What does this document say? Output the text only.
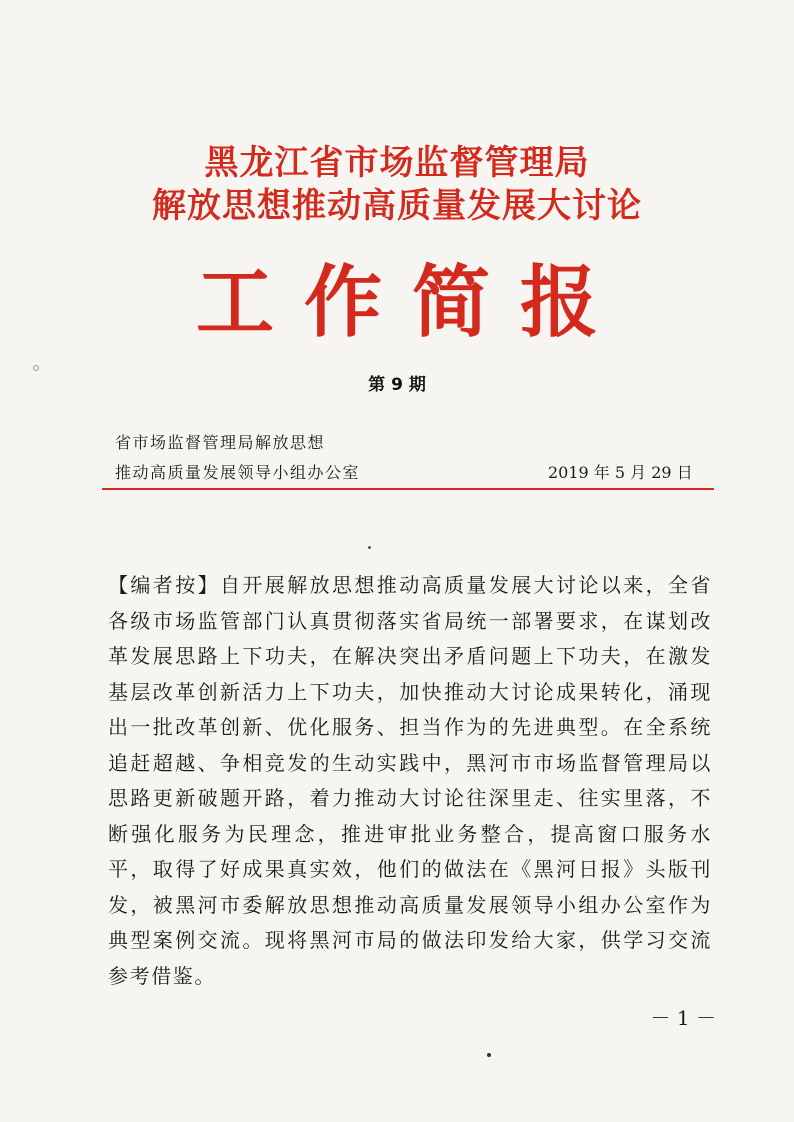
黑龙江省市场监督管理局
解放思想推动高质量发展大讨论
工作简报
第 9 期
省市场监督管理局解放思想
推动高质量发展领导小组办公室	2019 年 5 月 29 日
【编者按】自开展解放思想推动高质量发展大讨论以来，全省各级市场监管部门认真贯彻落实省局统一部署要求，在谋划改革发展思路上下功夫，在解决突出矛盾问题上下功夫，在激发基层改革创新活力上下功夫，加快推动大讨论成果转化，涌现出一批改革创新、优化服务、担当作为的先进典型。在全系统追赶超越、争相竞发的生动实践中，黑河市市场监督管理局以思路更新破题开路，着力推动大讨论往深里走、往实里落，不断强化服务为民理念，推进审批业务整合，提高窗口服务水平，取得了好成果真实效，他们的做法在《黑河日报》头版刊发，被黑河市委解放思想推动高质量发展领导小组办公室作为典型案例交流。现将黑河市局的做法印发给大家，供学习交流参考借鉴。
－ 1 －
